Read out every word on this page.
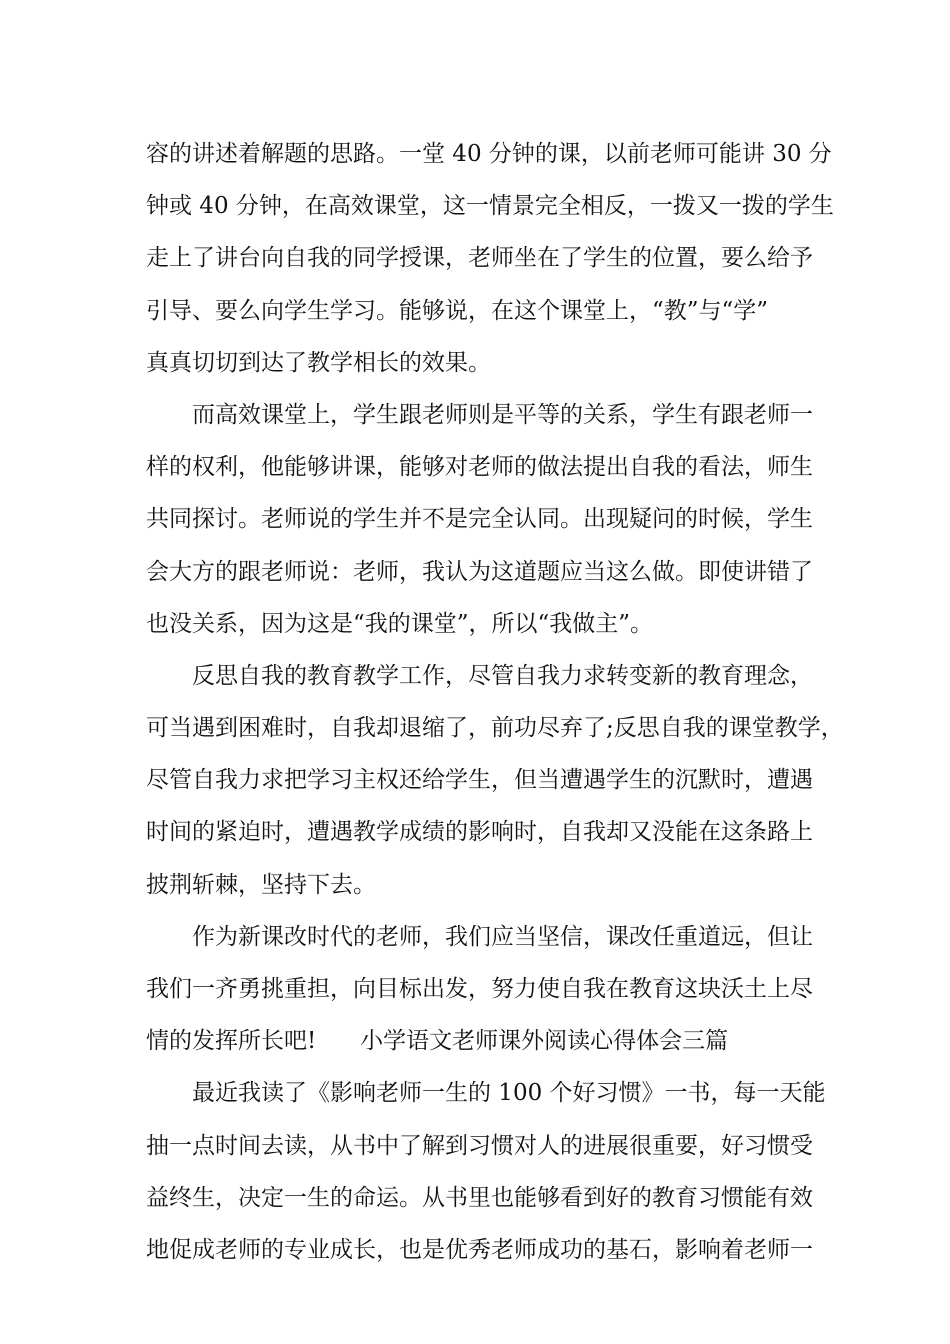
容的讲述着解题的思路。一堂 40 分钟的课，以前老师可能讲 30 分
钟或 40 分钟，在高效课堂，这一情景完全相反，一拨又一拨的学生
走上了讲台向自我的同学授课，老师坐在了学生的位置，要么给予
引导、要么向学生学习。能够说，在这个课堂上，“教”与“学”
真真切切到达了教学相长的效果。
而高效课堂上，学生跟老师则是平等的关系，学生有跟老师一
样的权利，他能够讲课，能够对老师的做法提出自我的看法，师生
共同探讨。老师说的学生并不是完全认同。出现疑问的时候，学生
会大方的跟老师说：老师，我认为这道题应当这么做。即使讲错了
也没关系，因为这是“我的课堂”，所以“我做主”。
反思自我的教育教学工作，尽管自我力求转变新的教育理念，
可当遇到困难时，自我却退缩了，前功尽弃了;反思自我的课堂教学，
尽管自我力求把学习主权还给学生，但当遭遇学生的沉默时，遭遇
时间的紧迫时，遭遇教学成绩的影响时，自我却又没能在这条路上
披荆斩棘，坚持下去。
作为新课改时代的老师，我们应当坚信，课改任重道远，但让
我们一齐勇挑重担，向目标出发，努力使自我在教育这块沃土上尽
情的发挥所长吧!      小学语文老师课外阅读心得体会三篇
最近我读了《影响老师一生的 100 个好习惯》一书，每一天能
抽一点时间去读，从书中了解到习惯对人的进展很重要，好习惯受
益终生，决定一生的命运。从书里也能够看到好的教育习惯能有效
地促成老师的专业成长，也是优秀老师成功的基石，影响着老师一
